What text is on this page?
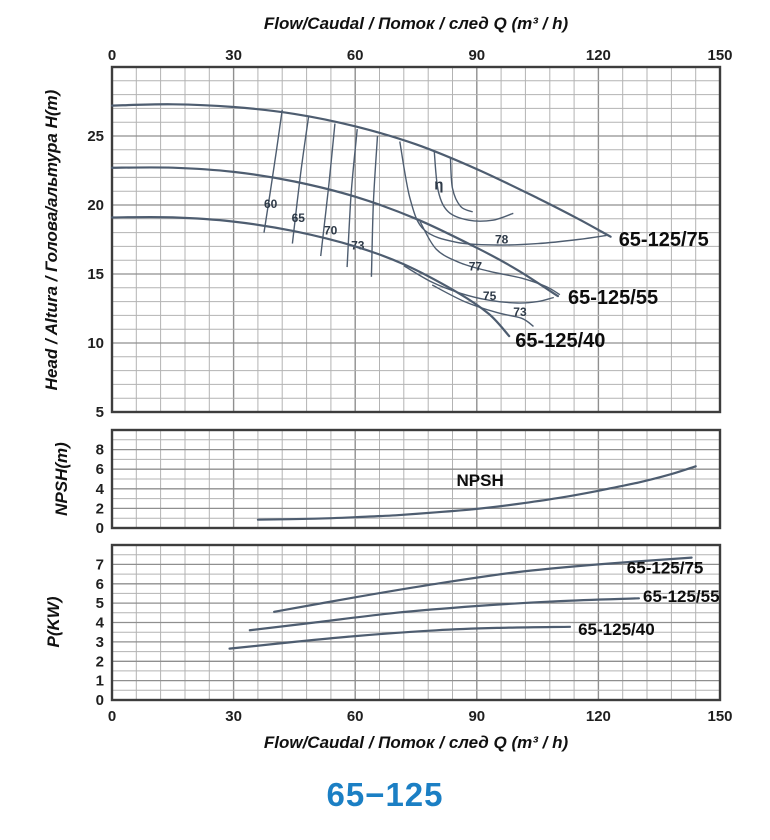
Flow/Caudal / Поток / след Q (m³ / h)
Head / Altura / Голова/альтура H(m)
NPSH(m)
P(KW)
60
65
70
73	78
η
77
75
73
65-125/75
65-125/55
65-125/40
5
10
15
20
25
0	30	60	90	120	150
NPSH
0
2
4
6
8
65-125/75
65-125/55
65-125/40
0
1
2
3
4
5
6
7
0	30	60	90	120	150
Flow/Caudal / Поток / след Q (m³ / h)
65−125
